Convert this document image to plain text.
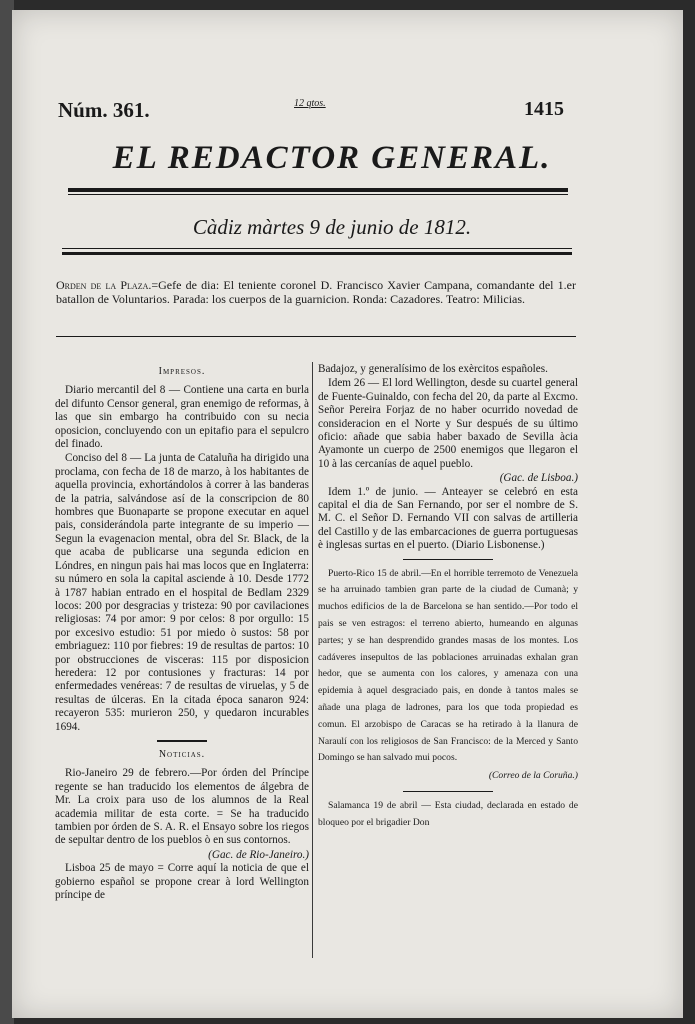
Núm. 361.	12 qtos.	1415
EL REDACTOR GENERAL.
Càdiz màrtes 9 de junio de 1812.
Orden de la Plaza.=Gefe de dia: El teniente coronel D. Francisco Xavier Campana, comandante del 1.er batallon de Voluntarios. Parada: los cuerpos de la guarnicion. Ronda: Cazadores. Teatro: Milicias.
Impresos.

Diario mercantil del 8 — Contiene una carta en burla del difunto Censor general, gran enemigo de reformas, à las que sin embargo ha contribuido con su necia oposicion, concluyendo con un epitafio para el sepulcro del finado.

Conciso del 8 — La junta de Cataluña ha dirigido una proclama, con fecha de 18 de marzo, à los habitantes de aquella provincia, exhortándolos à correr à las banderas de la patria, salvándose así de la conscripcion de 80 hombres que Buonaparte se propone executar en aquel pais, considerándola parte integrante de su imperio — Segun la evagenacion mental, obra del Sr. Black, de la que acaba de publicarse una segunda edicion en Lóndres, en ningun pais hai mas locos que en Inglaterra: su número en sola la capital asciende à 10. Desde 1772 à 1787 habian entrado en el hospital de Bedlam 2329 locos: 200 por desgracias y tristeza: 90 por cavilaciones religiosas: 74 por amor: 9 por celos: 8 por orgullo: 15 por excesivo estudio: 51 por miedo ò sustos: 58 por embriaguez: 110 por fiebres: 19 de resultas de partos: 10 por obstrucciones de visceras: 115 por disposicion heredera: 12 por contusiones y fracturas: 14 por enfermedades venéreas: 7 de resultas de viruelas, y 5 de resultas de úlceras. En la citada época sanaron 924: recayeron 535: murieron 250, y quedaron incurables 1694.

Noticias.

Rio-Janeiro 29 de febrero.—Por órden del Príncipe regente se han traducido los elementos de álgebra de Mr. La croix para uso de los alumnos de la Real academia militar de esta corte. = Se ha traducido tambien por órden de S. A. R. el Ensayo sobre los riegos de sepultar dentro de los pueblos ò en sus contornos.

(Gac. de Rio-Janeiro.)

Lisboa 25 de mayo = Corre aquí la noticia de que el gobierno español se propone crear à lord Wellington príncipe de

Badajoz, y generalísimo de los exèrcitos españoles.

Idem 26 — El lord Wellington, desde su cuartel general de Fuente-Guinaldo, con fecha del 20, da parte al Excmo. Señor Pereira Forjaz de no haber ocurrido novedad de consideracion en el Norte y Sur después de su último oficio: añade que sabia haber baxado de Sevilla àcia Ayamonte un cuerpo de 2500 enemigos que llegaron el 10 à las cercanías de aquel pueblo.

(Gac. de Lisboa.)

Idem 1.º de junio. — Anteayer se celebró en esta capital el dia de San Fernando, por ser el nombre de S. M. C. el Señor D. Fernando VII con salvas de artilleria del Castillo y de las embarcaciones de guerra portuguesas è inglesas surtas en el puerto. (Diario Lisbonense.)

Puerto-Rico 15 de abril.—En el horrible terremoto de Venezuela se ha arruinado tambien gran parte de la ciudad de Cumanà; y muchos edificios de la de Barcelona se han sentido.—Por todo el pais se ven estragos: el terreno abierto, humeando en algunas partes; y se han desprendido grandes masas de los montes. Los cadáveres insepultos de las poblaciones arruinadas exhalan gran hedor, que se aumenta con los calores, y amenaza con una epidemia à aquel desgraciado pais, en donde à tantos males se añade una plaga de ladrones, para los que toda propiedad es comun. El arzobispo de Caracas se ha retirado à la llanura de Naraulí con los religiosos de San Francisco: de la Merced y Santo Domingo se han salvado mui pocos.

(Correo de la Coruña.)

Salamanca 19 de abril — Esta ciudad, declarada en estado de bloqueo por el brigadier Don
